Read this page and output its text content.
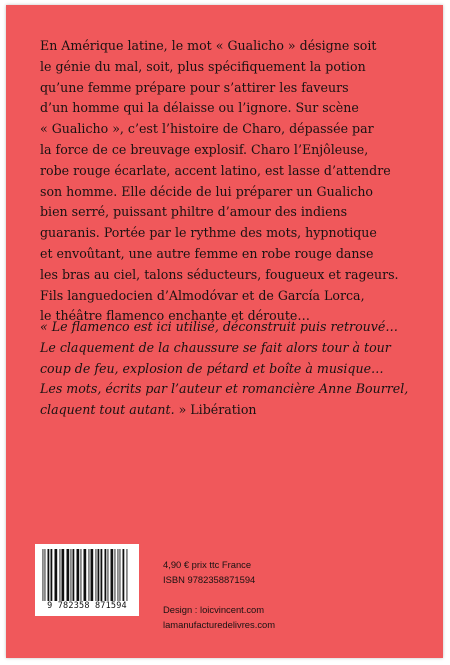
En Amérique latine, le mot « Gualicho » désigne soit
le génie du mal, soit, plus spécifiquement la potion
qu’une femme prépare pour s’attirer les faveurs
d’un homme qui la délaisse ou l’ignore. Sur scène
« Gualicho », c’est l’histoire de Charo, dépassée par
la force de ce breuvage explosif. Charo l’Enjôleuse,
robe rouge écarlate, accent latino, est lasse d’attendre
son homme. Elle décide de lui préparer un Gualicho
bien serré, puissant philtre d’amour des indiens
guaranis. Portée par le rythme des mots, hypnotique
et envoûtant, une autre femme en robe rouge danse
les bras au ciel, talons séducteurs, fougueux et rageurs.
Fils languedocien d’Almodóvar et de García Lorca,
le théâtre flamenco enchante et déroute…
« Le flamenco est ici utilisé, déconstruit puis retrouvé…
Le claquement de la chaussure se fait alors tour à tour
coup de feu, explosion de pétard et boîte à musique…
Les mots, écrits par l’auteur et romancière Anne Bourrel,
claquent tout autant. » Libération
9 782358 871594
4,90 € prix ttc France
ISBN 9782358871594
Design : loicvincent.com
lamanufacturedelivres.com
